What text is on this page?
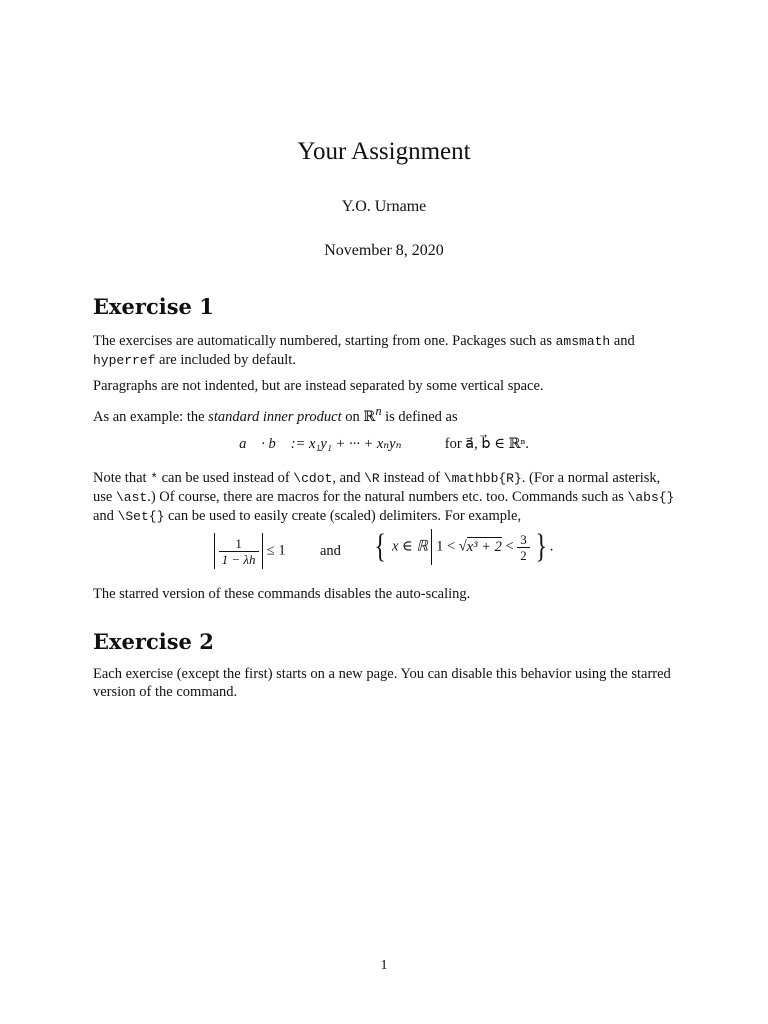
Your Assignment
Y.O. Urname
November 8, 2020
Exercise 1
The exercises are automatically numbered, starting from one. Packages such as amsmath and hyperref are included by default.
Paragraphs are not indented, but are instead separated by some vertical space.
As an example: the standard inner product on ℝ$^n$ is defined as
a⃗ · b⃗ := x₁y₁ + ··· + xₙyₙ	for a⃗, b⃗ ∈ ℝⁿ.
Note that * can be used instead of \cdot, and \R instead of \mathbb{R}. (For a normal asterisk, use \ast.) Of course, there are macros for the natural numbers etc. too. Commands such as \abs{} and \Set{} can be used to easily create (scaled) delimiters. For example,

$\frac{1}{1 - \lambda h} \le 1$ and { x ∈ ℝ $1 < √x^3 + 2 < \frac{3}{2}$ } .
The starred version of these commands disables the auto-scaling.
Exercise 2
Each exercise (except the first) starts on a new page. You can disable this behavior using the starred version of the command.
1
